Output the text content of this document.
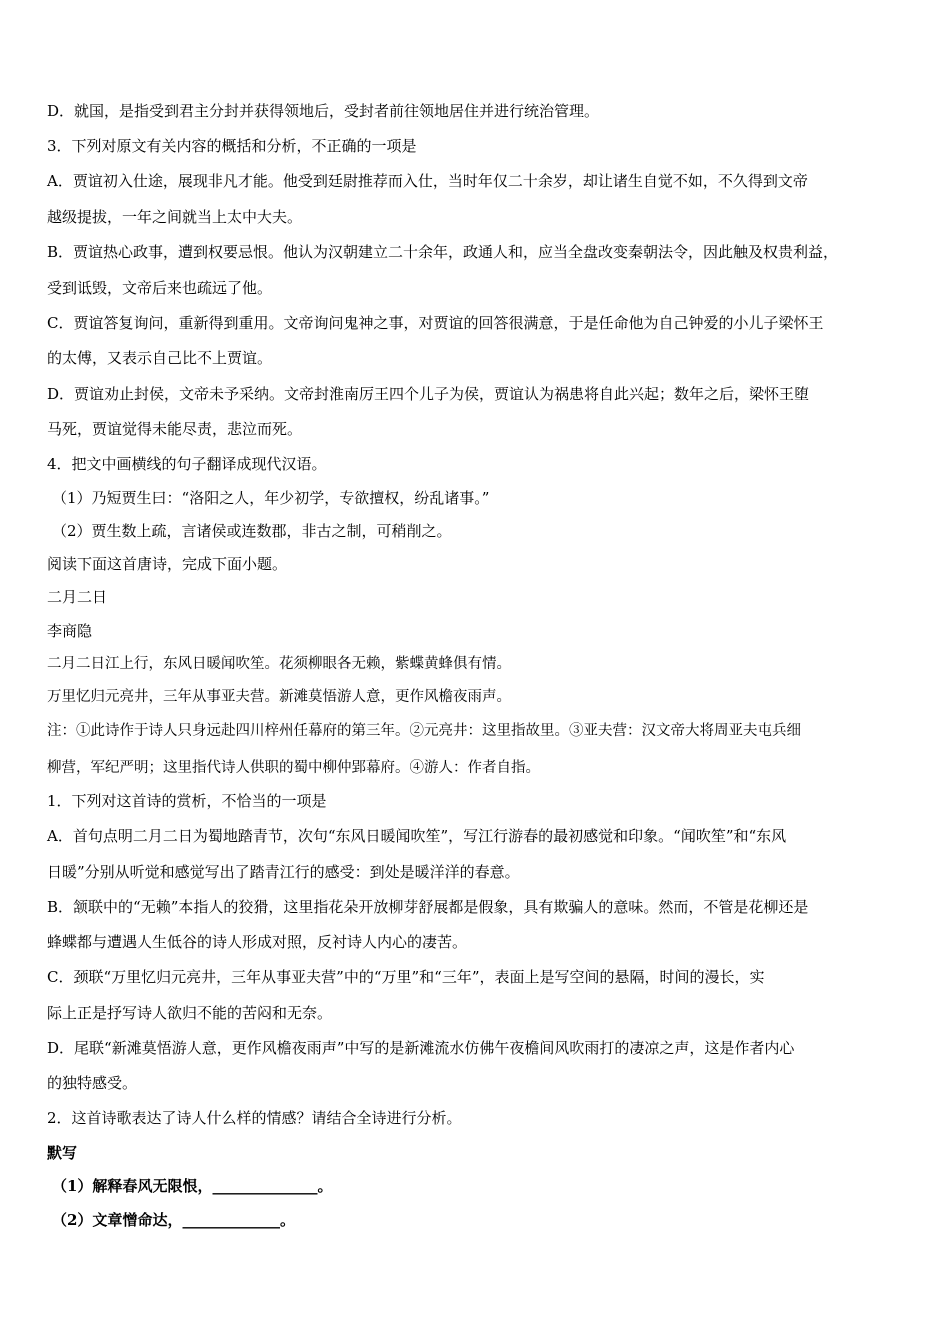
D．就国，是指受到君主分封并获得领地后，受封者前往领地居住并进行统治管理。
3．下列对原文有关内容的概括和分析，不正确的一项是
A．贾谊初入仕途，展现非凡才能。他受到廷尉推荐而入仕，当时年仅二十余岁，却让诸生自觉不如，不久得到文帝
越级提拔，一年之间就当上太中大夫。
B．贾谊热心政事，遭到权要忌恨。他认为汉朝建立二十余年，政通人和，应当全盘改变秦朝法令，因此触及权贵利益，
受到诋毁，文帝后来也疏远了他。
C．贾谊答复询问，重新得到重用。文帝询问鬼神之事，对贾谊的回答很满意，于是任命他为自己钟爱的小儿子梁怀王
的太傅，又表示自己比不上贾谊。
D．贾谊劝止封侯，文帝未予采纳。文帝封淮南厉王四个儿子为侯，贾谊认为祸患将自此兴起；数年之后，梁怀王堕
马死，贾谊觉得未能尽责，悲泣而死。
4．把文中画横线的句子翻译成现代汉语。
（1）乃短贾生曰：“洛阳之人，年少初学，专欲擅权，纷乱诸事。”
（2）贾生数上疏，言诸侯或连数郡，非古之制，可稍削之。
阅读下面这首唐诗，完成下面小题。
二月二日
李商隐
二月二日江上行，东风日暖闻吹笙。花须柳眼各无赖，紫蝶黄蜂俱有情。
万里忆归元亮井，三年从事亚夫营。新滩莫悟游人意，更作风檐夜雨声。
注：①此诗作于诗人只身远赴四川梓州任幕府的第三年。②元亮井：这里指故里。③亚夫营：汉文帝大将周亚夫屯兵细
柳营，军纪严明；这里指代诗人供职的蜀中柳仲郢幕府。④游人：作者自指。
1．下列对这首诗的赏析，不恰当的一项是
A．首句点明二月二日为蜀地踏青节，次句“东风日暖闻吹笙”，写江行游春的最初感觉和印象。“闻吹笙”和“东风
日暖”分别从听觉和感觉写出了踏青江行的感受：到处是暖洋洋的春意。
B．颔联中的“无赖”本指人的狡猾，这里指花朵开放柳芽舒展都是假象，具有欺骗人的意味。然而，不管是花柳还是
蜂蝶都与遭遇人生低谷的诗人形成对照，反衬诗人内心的凄苦。
C．颈联“万里忆归元亮井，三年从事亚夫营”中的“万里”和“三年”，表面上是写空间的悬隔，时间的漫长，实
际上正是抒写诗人欲归不能的苦闷和无奈。
D．尾联“新滩莫悟游人意，更作风檐夜雨声”中写的是新滩流水仿佛午夜檐间风吹雨打的凄凉之声，这是作者内心
的独特感受。
2．这首诗歌表达了诗人什么样的情感？请结合全诗进行分析。
默写
（1）解释春风无限恨，______________。
（2）文章憎命达，_____________。
